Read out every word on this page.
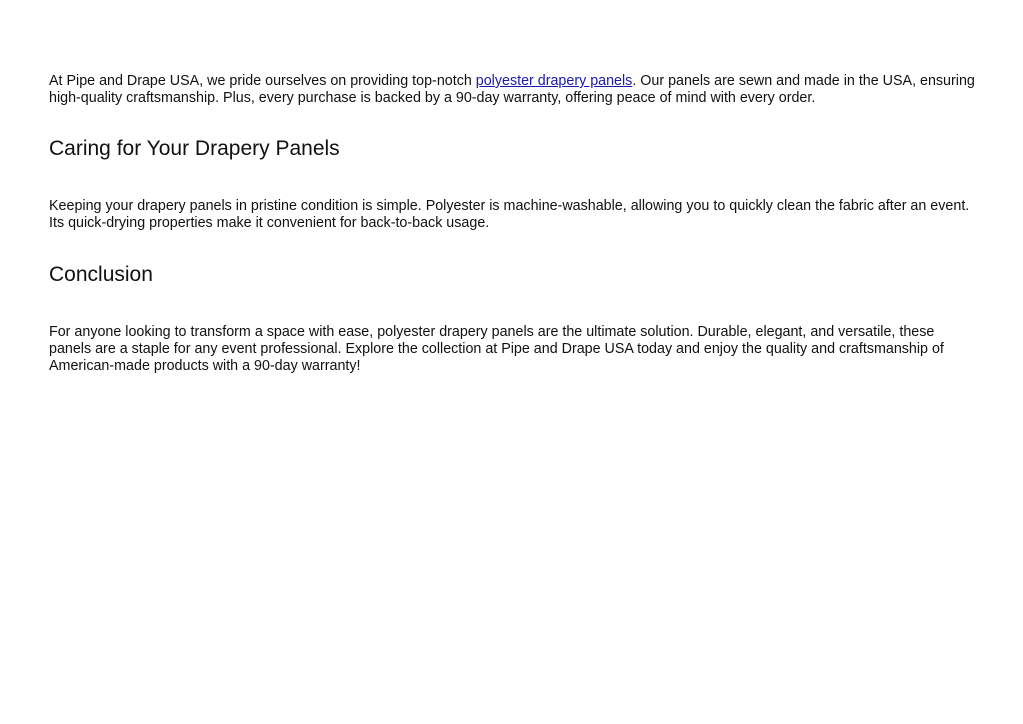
At Pipe and Drape USA, we pride ourselves on providing top-notch polyester drapery panels. Our panels are sewn and made in the USA, ensuring high-quality craftsmanship. Plus, every purchase is backed by a 90-day warranty, offering peace of mind with every order.

Caring for Your Drapery Panels

Keeping your drapery panels in pristine condition is simple. Polyester is machine-washable, allowing you to quickly clean the fabric after an event. Its quick-drying properties make it convenient for back-to-back usage.

Conclusion

For anyone looking to transform a space with ease, polyester drapery panels are the ultimate solution. Durable, elegant, and versatile, these panels are a staple for any event professional. Explore the collection at Pipe and Drape USA today and enjoy the quality and craftsmanship of American-made products with a 90-day warranty!
